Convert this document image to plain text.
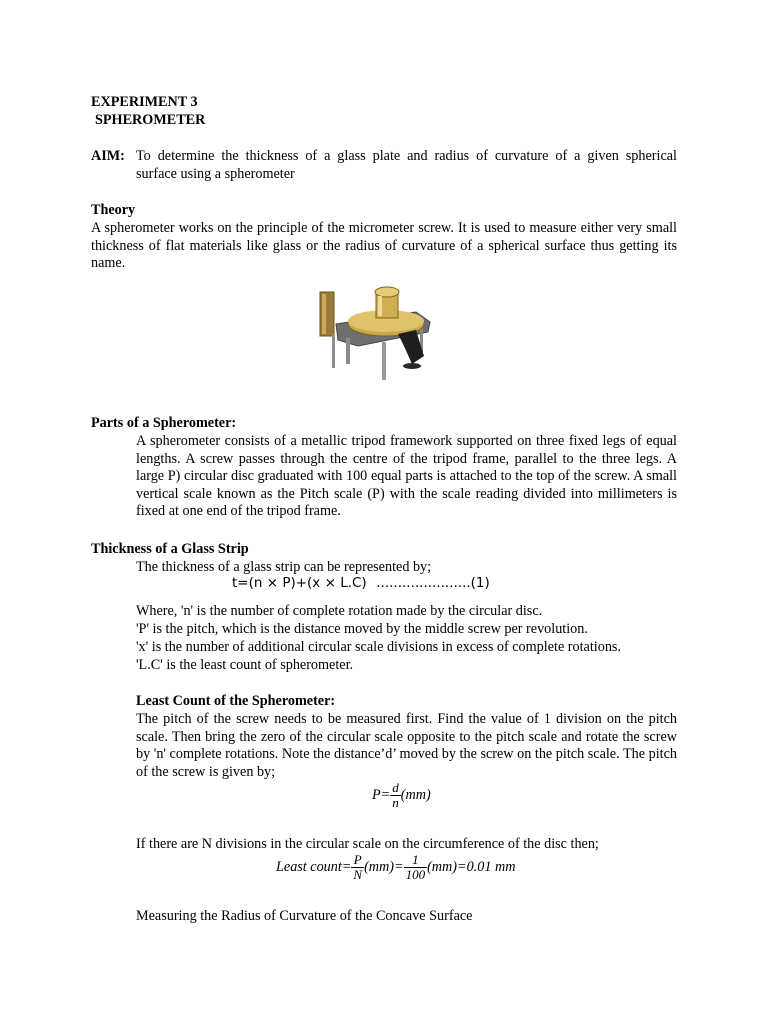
EXPERIMENT 3
SPHEROMETER
AIM: To determine the thickness of a glass plate and radius of curvature of a given spherical
surface using a spherometer
Theory

A spherometer works on the principle of the micrometer screw. It is used to measure either very small thickness of flat materials like glass or the radius of curvature of a spherical surface thus getting its name.

Parts of a Spherometer:

A spherometer consists of a metallic tripod framework supported on three fixed legs of equal lengths. A screw passes through the centre of the tripod frame, parallel to the three legs. A large P) circular disc graduated with 100 equal parts is attached to the top of the screw. A small vertical scale known as the Pitch scale (P) with the scale reading divided into millimeters is fixed at one end of the tripod frame.

Thickness of a Glass Strip
The thickness of a glass strip can be represented by;
t=(n × P)+(x × L.C) ......................(1)
Where, 'n' is the number of complete rotation made by the circular disc.
'P' is the pitch, which is the distance moved by the middle screw per revolution.
'x' is the number of additional circular scale divisions in excess of complete rotations.
'L.C' is the least count of spherometer.
Least Count of the Spherometer:

The pitch of the screw needs to be measured first. Find the value of 1 division on the pitch scale. Then bring the zero of the circular scale opposite to the pitch scale and rotate the screw by 'n' complete rotations. Note the distance’d’ moved by the screw on the pitch scale. The pitch of the screw is given by;

$P= \frac{d}{n} (mm)$
If there are N divisions in the circular scale on the circumference of the disc then;
Least count= $\frac{P}{N} (mm)= \frac{1}{100} (mm)=0.01$ mm
Measuring the Radius of Curvature of the Concave Surface
